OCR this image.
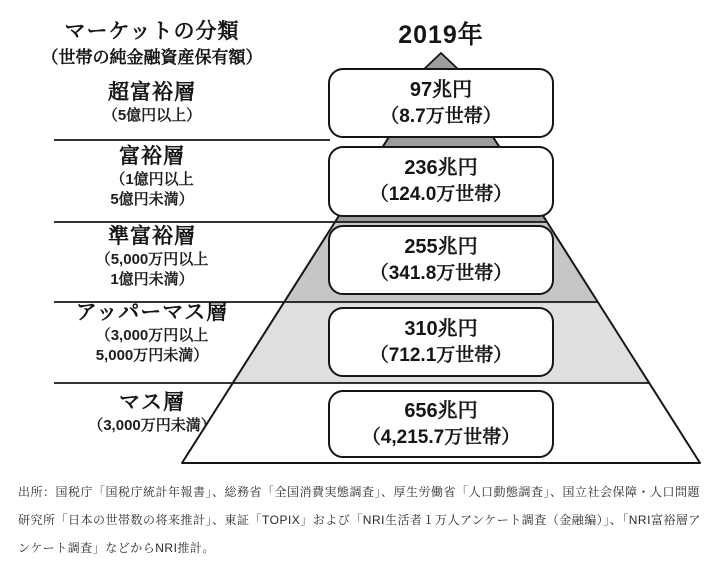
マーケットの分類
（世帯の純金融資産保有額）
2019年
超富裕層
（5億円以上）
富裕層
（1億円以上
5億円未満）
準富裕層
（5,000万円以上
1億円未満）
アッパーマス層
（3,000万円以上
5,000万円未満）
マス層
（3,000万円未満）
97兆円
（8.7万世帯）
236兆円
（124.0万世帯）
255兆円
（341.8万世帯）
310兆円
（712.1万世帯）
656兆円
（4,215.7万世帯）
出所：国税庁「国税庁統計年報書」、総務省「全国消費実態調査」、厚生労働省「人口動態調査」、国立社会保障・人口問題研究所「日本の世帯数の将来推計」、東証「TOPIX」および「NRI生活者１万人アンケート調査（金融編）」、「NRI富裕層アンケート調査」などからNRI推計。
